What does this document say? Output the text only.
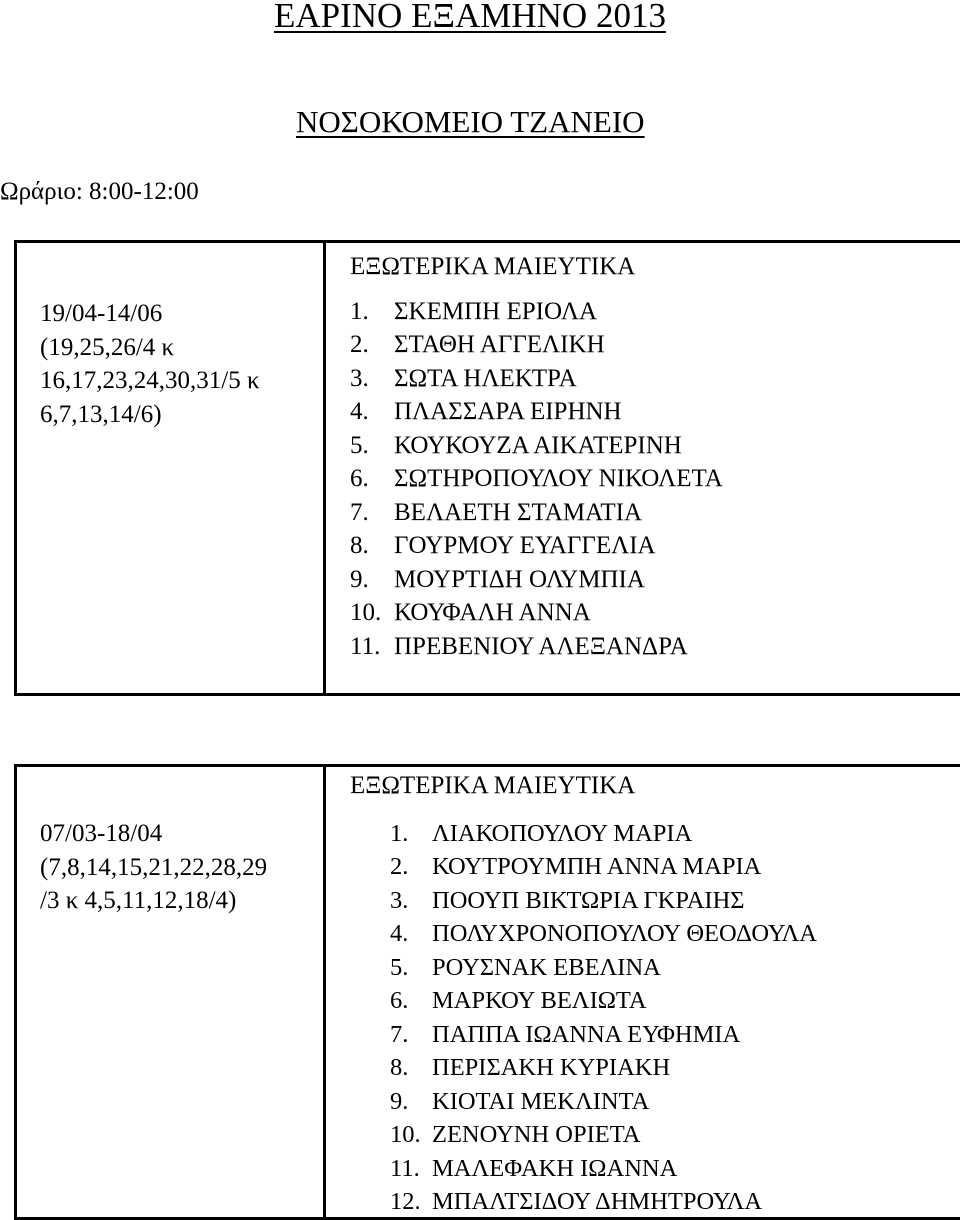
ΕΑΡΙΝΟ ΕΞΑΜΗΝΟ 2013
ΝΟΣΟΚΟΜΕΙΟ ΤΖΑΝΕΙΟ
Ωράριο: 8:00-12:00
19/04-14/06
(19,25,26/4 κ
16,17,23,24,30,31/5 κ
6,7,13,14/6)
ΕΞΩΤΕΡΙΚΑ ΜΑΙΕΥΤΙΚΑ
1.	ΣΚΕΜΠΗ ΕΡΙΟΛΑ
2.	ΣΤΑΘΗ ΑΓΓΕΛΙΚΗ
3.	ΣΩΤΑ ΗΛΕΚΤΡΑ
4.	ΠΛΑΣΣΑΡΑ ΕΙΡΗΝΗ
5.	ΚΟΥΚΟΥΖΑ ΑΙΚΑΤΕΡΙΝΗ
6.	ΣΩΤΗΡΟΠΟΥΛΟΥ ΝΙΚΟΛΕΤΑ
7.	ΒΕΛΑΕΤΗ ΣΤΑΜΑΤΙΑ
8.	ΓΟΥΡΜΟΥ ΕΥΑΓΓΕΛΙΑ
9.	ΜΟΥΡΤΙΔΗ ΟΛΥΜΠΙΑ
10. ΚΟΥΦΑΛΗ ΑΝΝΑ
11. ΠΡΕΒΕΝΙΟΥ ΑΛΕΞΑΝΔΡΑ
07/03-18/04
(7,8,14,15,21,22,28,29
/3 κ 4,5,11,12,18/4)
ΕΞΩΤΕΡΙΚΑ ΜΑΙΕΥΤΙΚΑ
1. ΛΙΑΚΟΠΟΥΛΟΥ ΜΑΡΙΑ
2. ΚΟΥΤΡΟΥΜΠΗ ΑΝΝΑ ΜΑΡΙΑ
3. ΠΟΟΥΠ ΒΙΚΤΩΡΙΑ ΓΚΡΑΙΗΣ
4. ΠΟΛΥΧΡΟΝΟΠΟΥΛΟΥ ΘΕΟΔΟΥΛΑ
5. ΡΟΥΣΝΑΚ ΕΒΕΛΙΝΑ
6. ΜΑΡΚΟΥ ΒΕΛΙΩΤΑ
7. ΠΑΠΠΑ ΙΩΑΝΝΑ ΕΥΦΗΜΙΑ
8. ΠΕΡΙΣΑΚΗ ΚΥΡΙΑΚΗ
9. ΚΙΟΤΑΙ ΜΕΚΛΙΝΤΑ
10. ΖΕΝΟΥΝΗ ΟΡΙΕΤΑ
11. ΜΑΛΕΦΑΚΗ ΙΩΑΝΝΑ
12. ΜΠΑΛΤΣΙΔΟΥ ΔΗΜΗΤΡΟΥΛΑ
